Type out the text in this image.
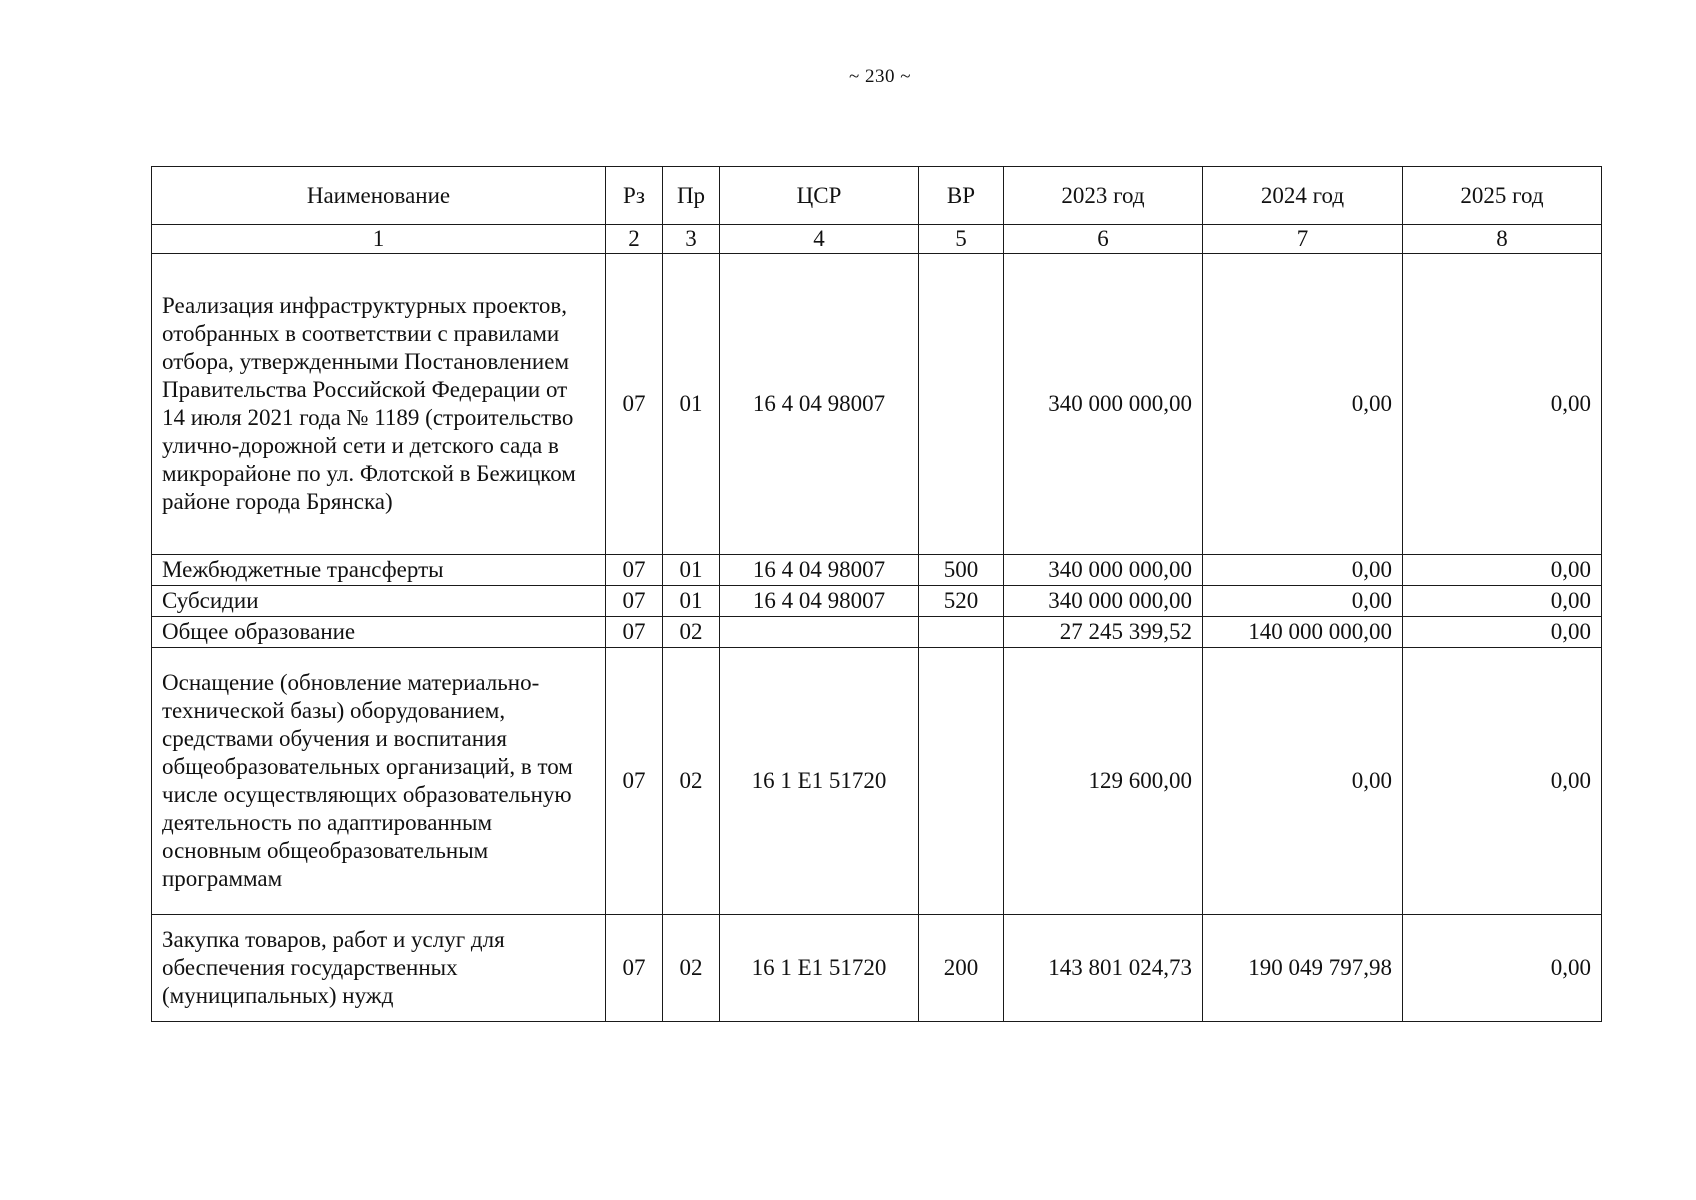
~ 230 ~
Наименование	Рз	Пр	ЦСР	ВР	2023 год	2024 год	2025 год
1	2	3	4	5	6	7	8
Реализация инфраструктурных проектов, отобранных в соответствии с правилами отбора, утвержденными Постановлением Правительства Российской Федерации от 14 июля 2021 года № 1189 (строительство улично-дорожной сети и детского сада в микрорайоне по ул. Флотской в Бежицком районе города Брянска)	07	01	16 4 04 98007		340 000 000,00	0,00	0,00
Межбюджетные трансферты	07	01	16 4 04 98007	500	340 000 000,00	0,00	0,00
Субсидии	07	01	16 4 04 98007	520	340 000 000,00	0,00	0,00
Общее образование	07	02			27 245 399,52	140 000 000,00	0,00
Оснащение (обновление материально-технической базы) оборудованием, средствами обучения и воспитания общеобразовательных организаций, в том числе осуществляющих образовательную деятельность по адаптированным основным общеобразовательным программам	07	02	16 1 E1 51720		129 600,00	0,00	0,00
Закупка товаров, работ и услуг для обеспечения государственных (муниципальных) нужд	07	02	16 1 E1 51720	200	143 801 024,73	190 049 797,98	0,00
